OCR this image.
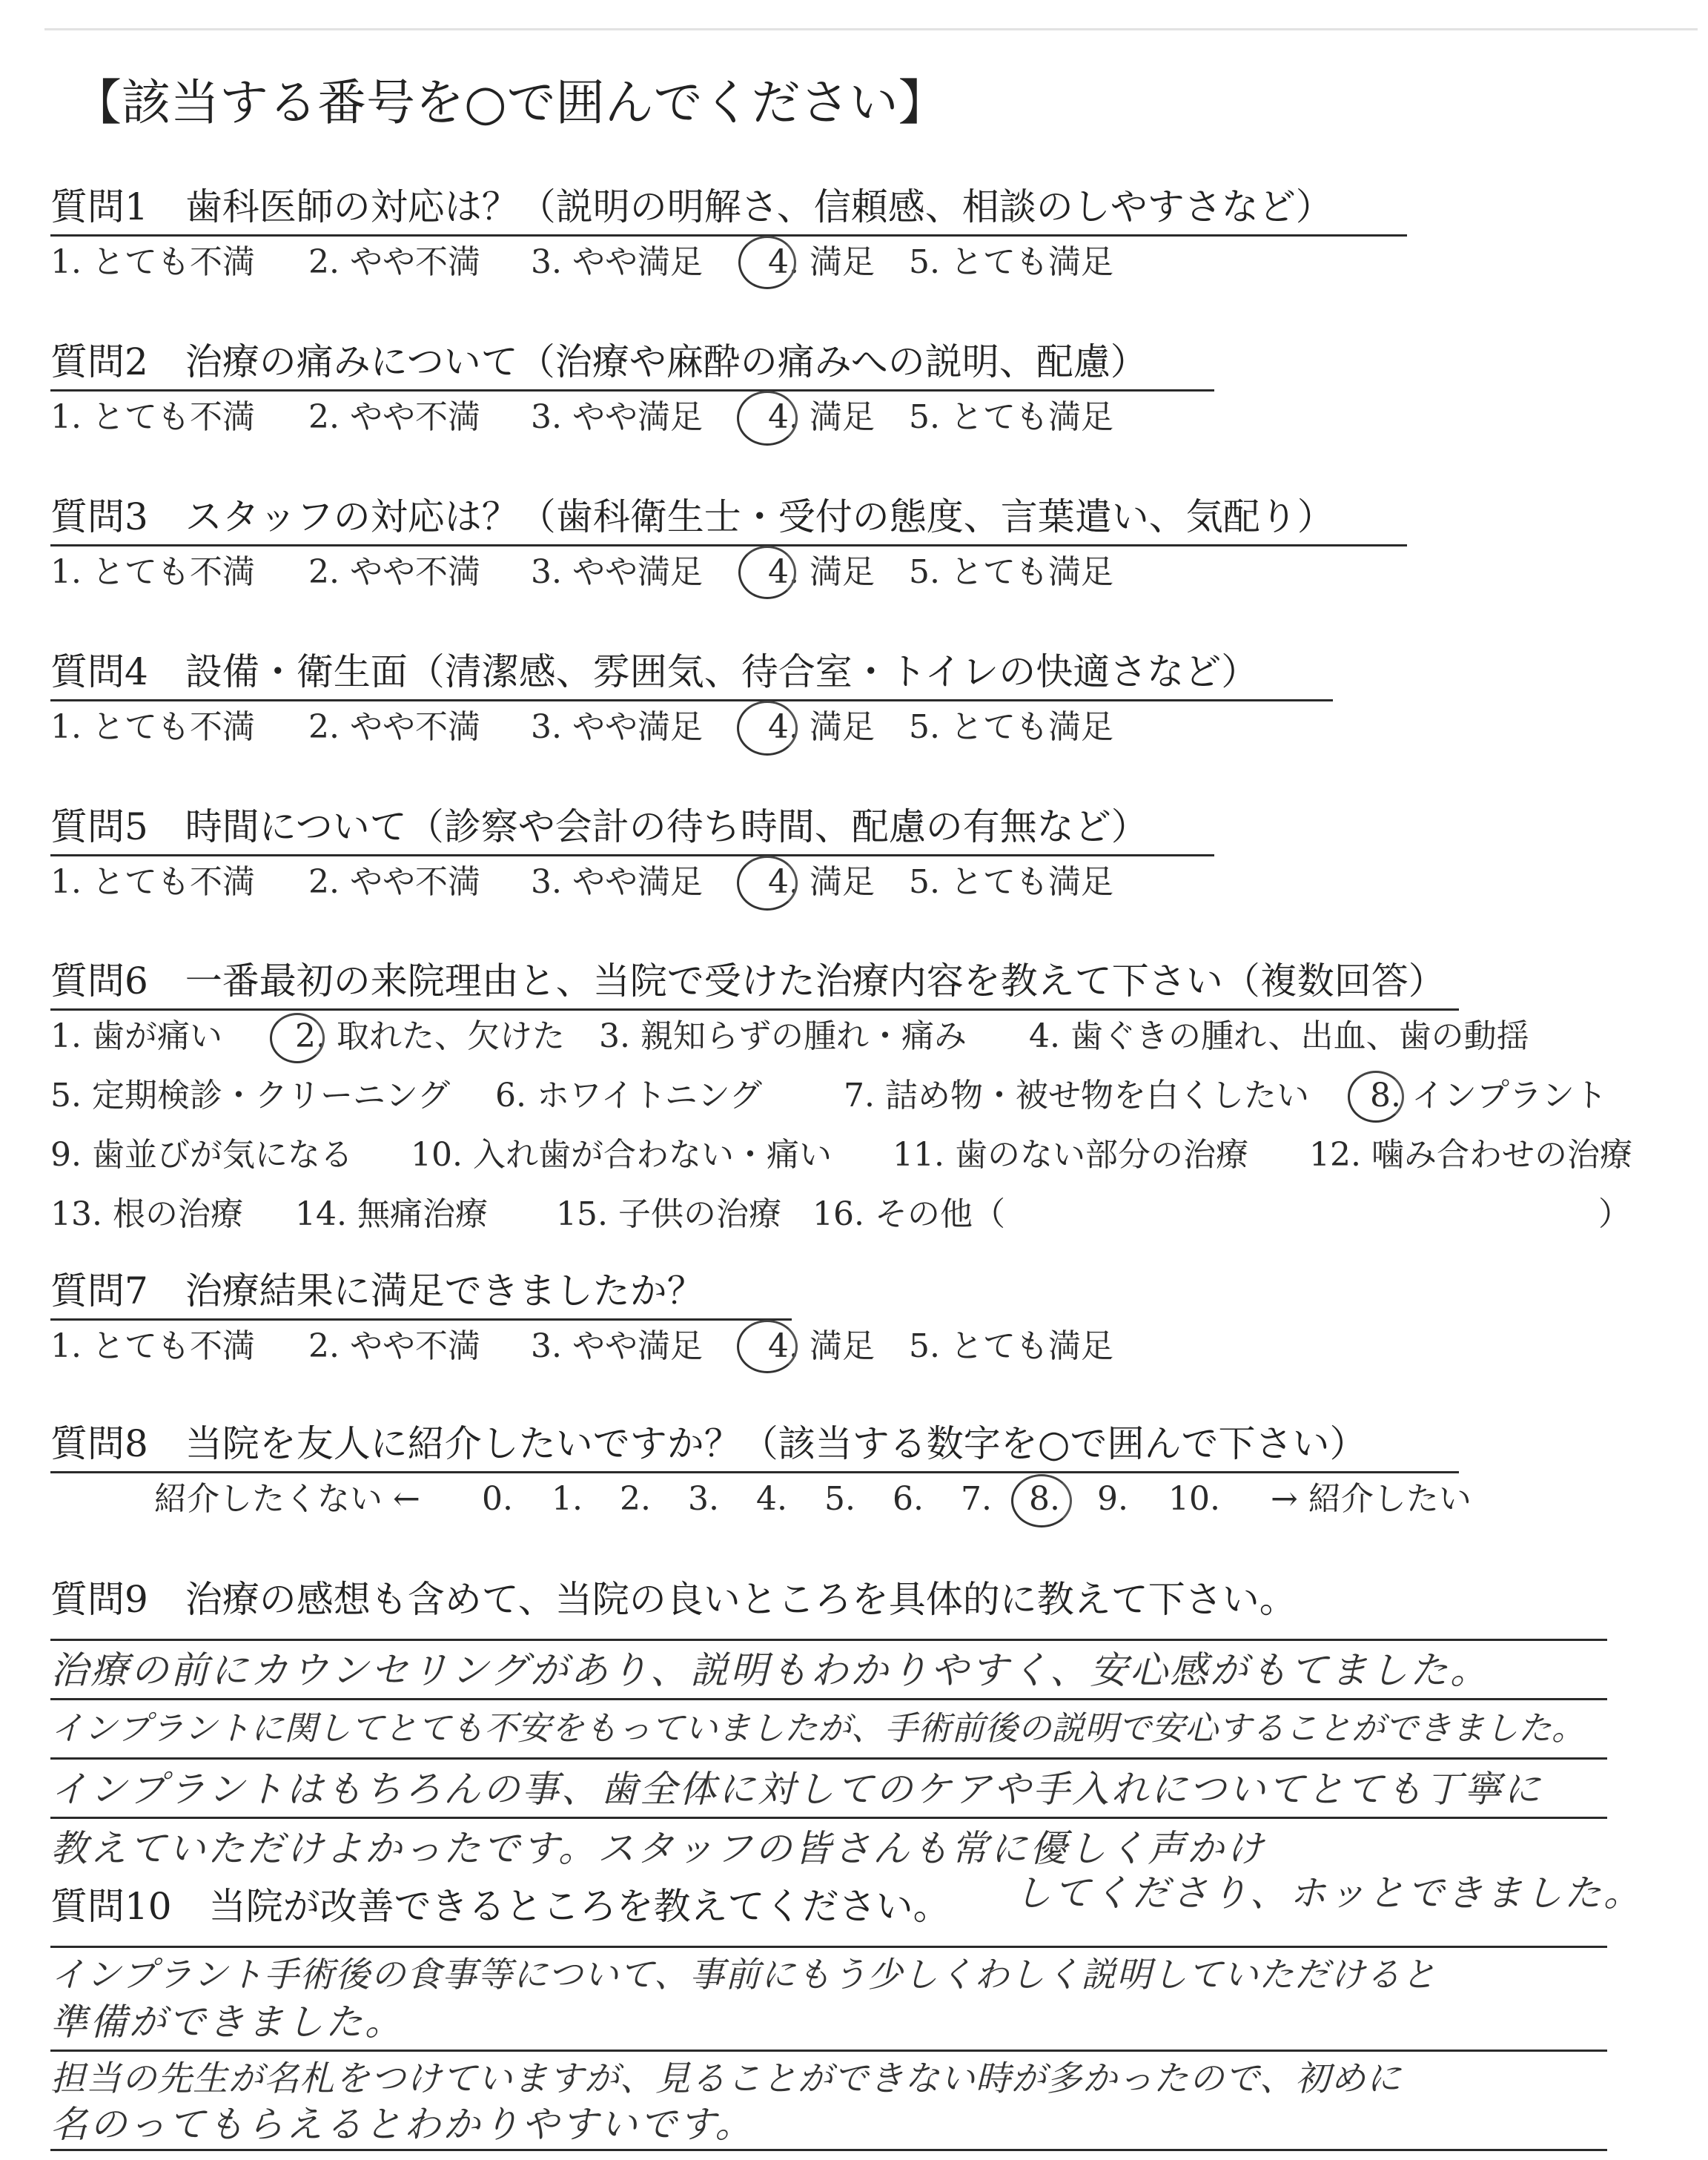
【該当する番号を○で囲んでください】
質問1　歯科医師の対応は？（説明の明解さ、信頼感、相談のしやすさなど）
1. とても不満 2. やや不満 3. やや満足 4. 満足 5. とても満足
質問2　治療の痛みについて（治療や麻酔の痛みへの説明、配慮）
1. とても不満 2. やや不満 3. やや満足 4. 満足 5. とても満足
質問3　スタッフの対応は？（歯科衛生士・受付の態度、言葉遣い、気配り）
1. とても不満 2. やや不満 3. やや満足 4. 満足 5. とても満足
質問4　設備・衛生面（清潔感、雰囲気、待合室・トイレの快適さなど）
1. とても不満 2. やや不満 3. やや満足 4. 満足 5. とても満足
質問5　時間について（診察や会計の待ち時間、配慮の有無など）
1. とても不満 2. やや不満 3. やや満足 4. 満足 5. とても満足
質問6　一番最初の来院理由と、当院で受けた治療内容を教えて下さい（複数回答）
1. 歯が痛い 2. 取れた、欠けた 3. 親知らずの腫れ・痛み 4. 歯ぐきの腫れ、出血、歯の動揺
5. 定期検診・クリーニング 6. ホワイトニング 7. 詰め物・被せ物を白くしたい 8. インプラント
9. 歯並びが気になる 10. 入れ歯が合わない・痛い 11. 歯のない部分の治療 12. 噛み合わせの治療
13. 根の治療 14. 無痛治療 15. 子供の治療 16. その他（	）
質問7　治療結果に満足できましたか？
1. とても不満 2. やや不満 3. やや満足 4. 満足 5. とても満足
質問8　当院を友人に紹介したいですか？（該当する数字を○で囲んで下さい）
紹介したくない ← 0. 1. 2. 3. 4. 5. 6. 7. 8. 9. 10. → 紹介したい
質問9　治療の感想も含めて、当院の良いところを具体的に教えて下さい。
治療の前にカウンセリングがあり、説明もわかりやすく、安心感がもてました。
インプラントに関してとても不安をもっていましたが、手術前後の説明で安心することができました。
インプラントはもちろんの事、歯全体に対してのケアや手入れについてとても丁寧に
教えていただけよかったです。スタッフの皆さんも常に優しく声かけ
してくださり、ホッとできました。
質問10　当院が改善できるところを教えてください。
インプラント手術後の食事等について、事前にもう少しくわしく説明していただけると
準備ができました。
担当の先生が名札をつけていますが、見ることができない時が多かったので、初めに
名のってもらえるとわかりやすいです。
